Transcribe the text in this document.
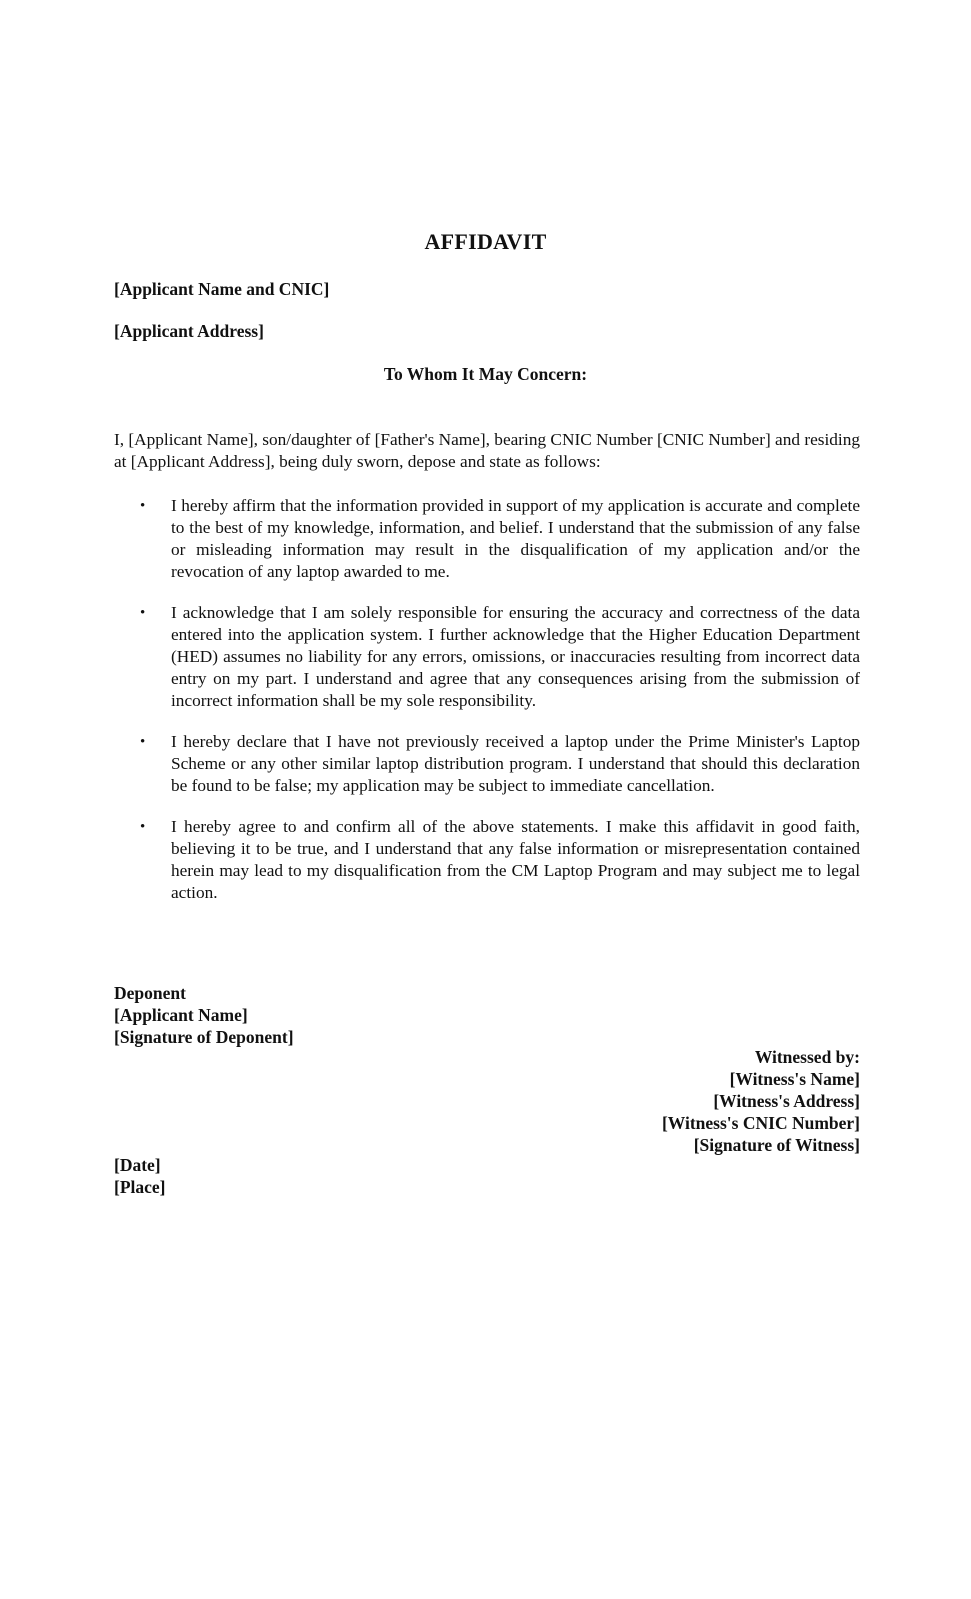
AFFIDAVIT

[Applicant Name and CNIC]

[Applicant Address]

To Whom It May Concern:

I, [Applicant Name], son/daughter of [Father's Name], bearing CNIC Number [CNIC Number] and residing at [Applicant Address], being duly sworn, depose and state as follows:

• I hereby affirm that the information provided in support of my application is accurate and complete to the best of my knowledge, information, and belief. I understand that the submission of any false or misleading information may result in the disqualification of my application and/or the revocation of any laptop awarded to me.
• I acknowledge that I am solely responsible for ensuring the accuracy and correctness of the data entered into the application system. I further acknowledge that the Higher Education Department (HED) assumes no liability for any errors, omissions, or inaccuracies resulting from incorrect data entry on my part. I understand and agree that any consequences arising from the submission of incorrect information shall be my sole responsibility.
• I hereby declare that I have not previously received a laptop under the Prime Minister's Laptop Scheme or any other similar laptop distribution program. I understand that should this declaration be found to be false; my application may be subject to immediate cancellation.
• I hereby agree to and confirm all of the above statements. I make this affidavit in good faith, believing it to be true, and I understand that any false information or misrepresentation contained herein may lead to my disqualification from the CM Laptop Program and may subject me to legal action.
Deponent
[Applicant Name]
[Signature of Deponent]
Witnessed by:
[Witness's Name]
[Witness's Address]
[Witness's CNIC Number]
[Signature of Witness]
[Date]
[Place]
